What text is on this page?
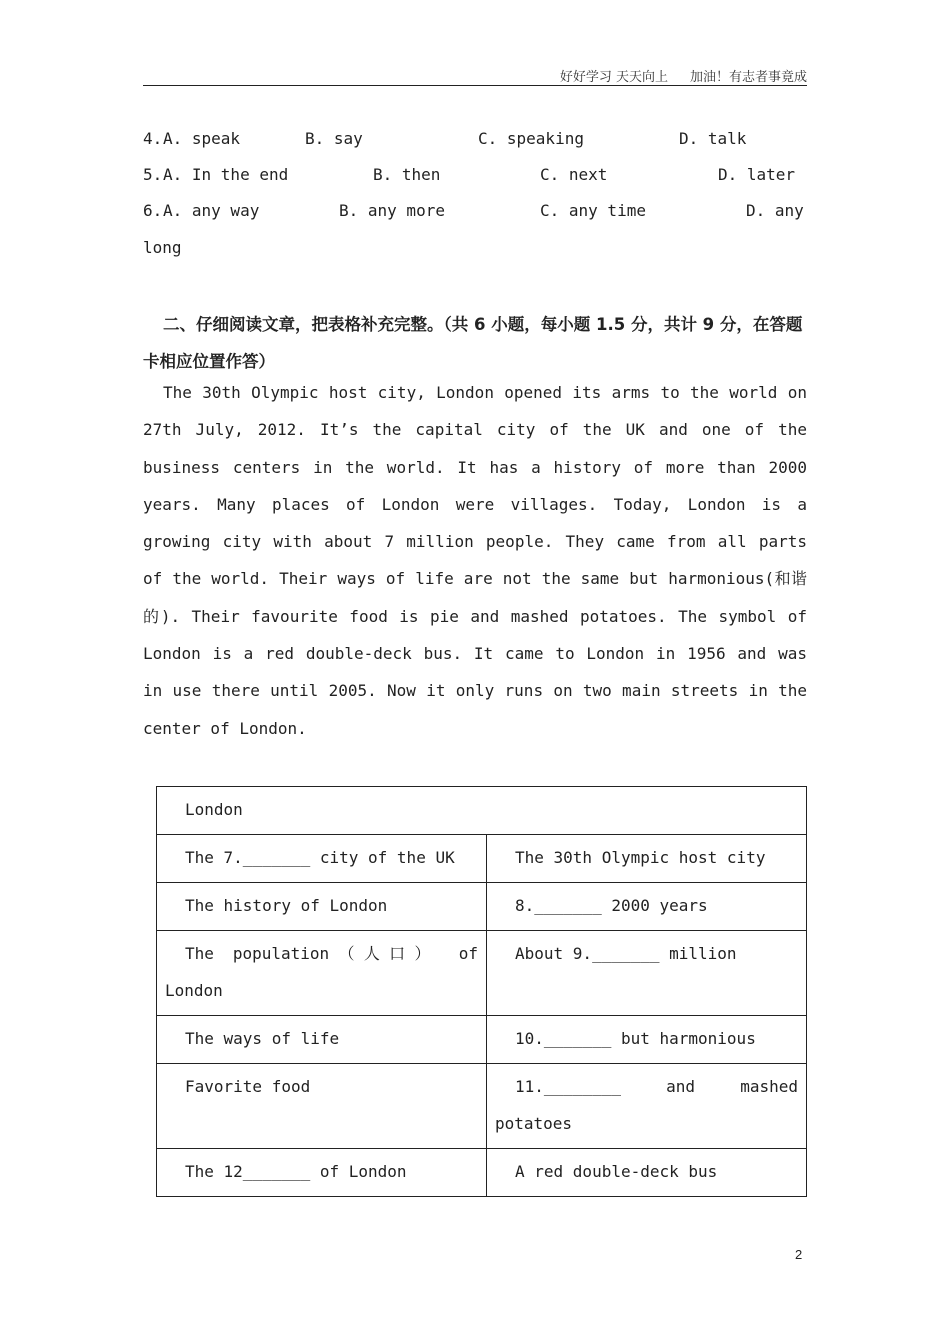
好好学习 天天向上 加油！有志者事竟成
4. A. speak	B. say	C. speaking	D. talk
5. A. In the end	B. then	C. next	D. later
6. A. any way	B. any more	C. any time	D. any
long
二、仔细阅读文章，把表格补充完整。（共 6 小题，每小题 1.5 分，共计 9 分，在答题卡相应位置作答）
The 30th Olympic host city, London opened its arms to the world on 27th July, 2012. It’s the capital city of the UK and one of the business centers in the world. It has a history of more than 2000 years. Many places of London were villages. Today, London is a growing city with about 7 million people. They came from all parts of the world. Their ways of life are not the same but harmonious(和谐的). Their favourite food is pie and mashed potatoes. The symbol of London is a red double-deck bus. It came to London in 1956 and was in use there until 2005. Now it only runs on two main streets in the center of London.
London	
The 7._______ city of the UK	The 30th Olympic host city
The history of London	8._______ 2000 years
The population（人口） of London	About 9._______ million
The ways of life	10._______ but harmonious
Favorite food	11.________ and mashed potatoes
The 12_______ of London	A red double-deck bus
2
